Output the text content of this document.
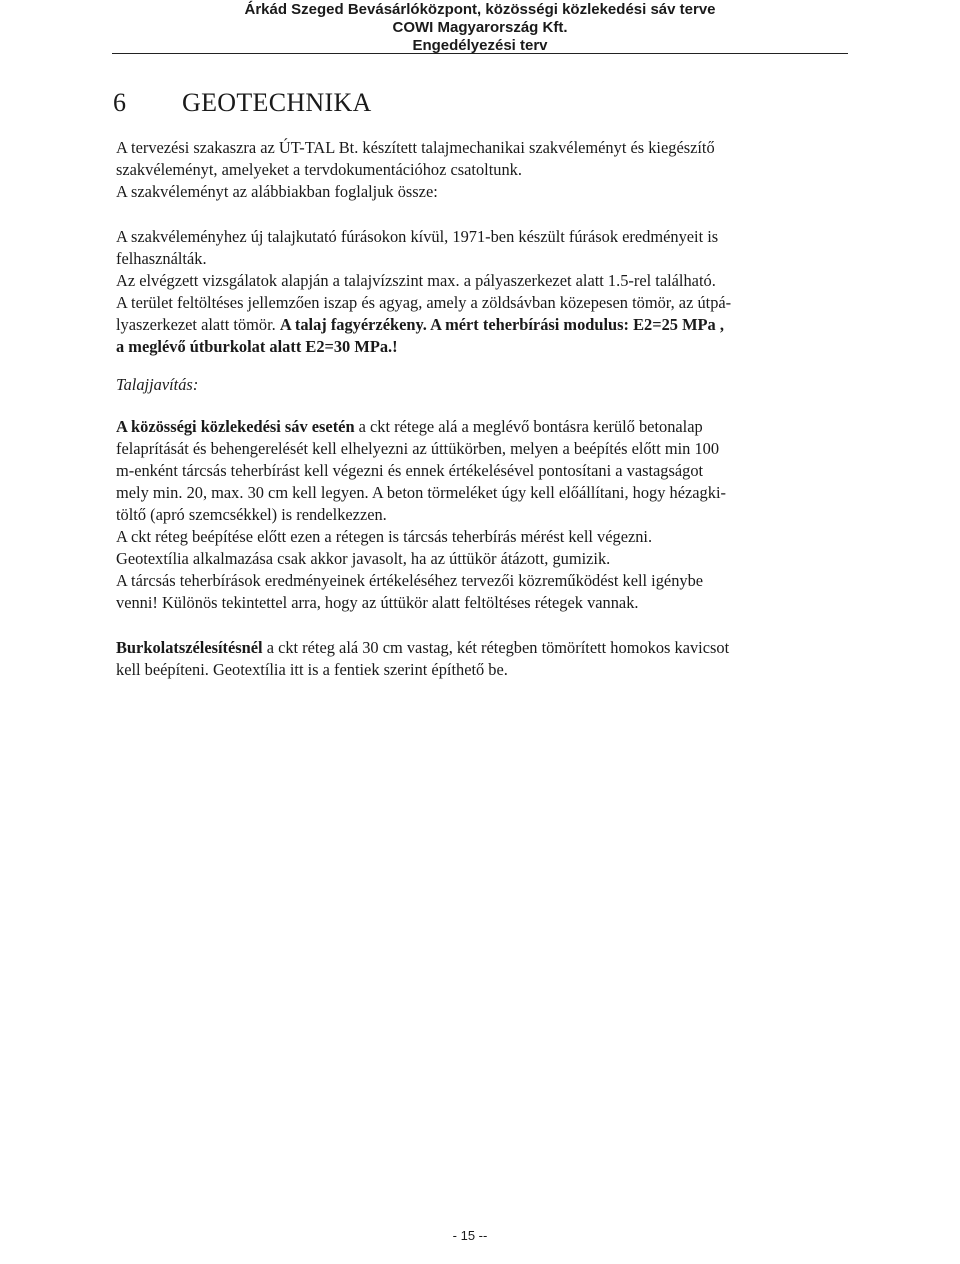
Árkád Szeged Bevásárlóközpont, közösségi közlekedési sáv terve
COWI Magyarország Kft.
Engedélyezési terv
6 GEOTECHNIKA

A tervezési szakaszra az ÚT-TAL Bt. készített talajmechanikai szakvéleményt és kiegészítő

szakvéleményt, amelyeket a tervdokumentációhoz csatoltunk.

A szakvéleményt az alábbiakban foglaljuk össze:

A szakvéleményhez új talajkutató fúrásokon kívül, 1971-ben készült fúrások eredményeit is

felhasználták.

Az elvégzett vizsgálatok alapján a talajvízszint max. a pályaszerkezet alatt 1.5-rel található.

A terület feltöltéses jellemzően iszap és agyag, amely a zöldsávban közepesen tömör, az útpá-

lyaszerkezet alatt tömör. A talaj fagyérzékeny. A mért teherbírási modulus: E2=25 MPa ,

a meglévő útburkolat alatt E2=30 MPa.!

Talajjavítás:

A közösségi közlekedési sáv esetén a ckt rétege alá a meglévő bontásra kerülő betonalap

felaprítását és behengerelését kell elhelyezni az úttükörben, melyen a beépítés előtt min 100

m-enként tárcsás teherbírást kell végezni és ennek értékelésével pontosítani a vastagságot

mely min. 20, max. 30 cm kell legyen. A beton törmeléket úgy kell előállítani, hogy hézagki-

töltő (apró szemcsékkel) is rendelkezzen.

A ckt réteg beépítése előtt ezen a rétegen is tárcsás teherbírás mérést kell végezni.

Geotextília alkalmazása csak akkor javasolt, ha az úttükör átázott, gumizik.

A tárcsás teherbírások eredményeinek értékeléséhez tervezői közreműködést kell igénybe

venni! Különös tekintettel arra, hogy az úttükör alatt feltöltéses rétegek vannak.

Burkolatszélesítésnél a ckt réteg alá 30 cm vastag, két rétegben tömörített homokos kavicsot

kell beépíteni. Geotextília itt is a fentiek szerint építhető be.

- 15 --
